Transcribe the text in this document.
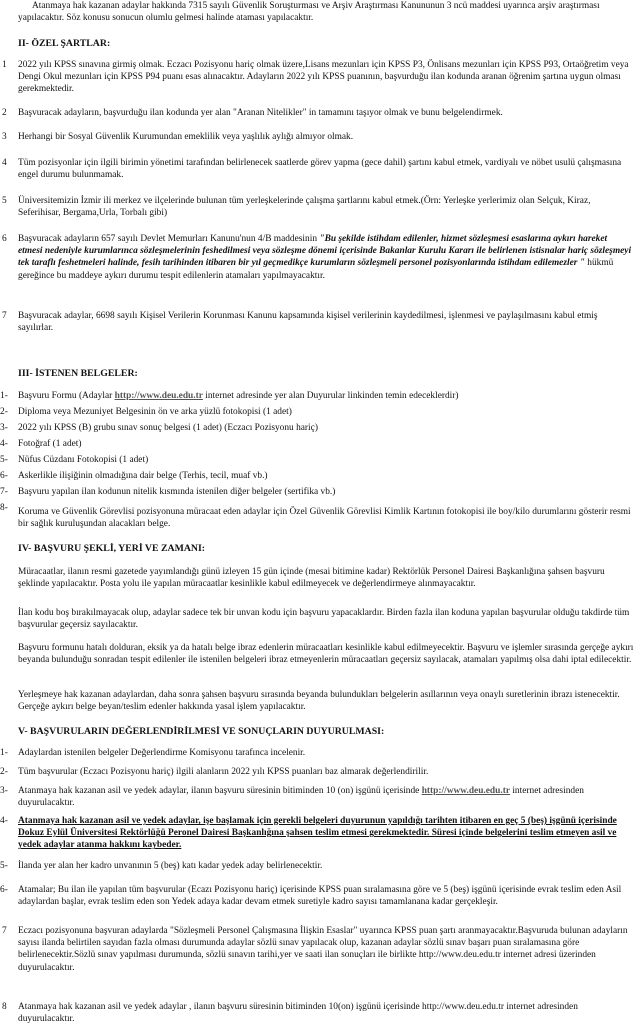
Atanmaya hak kazanan adaylar hakkında 7315 sayılı Güvenlik Soruşturması ve Arşiv Araştırması Kanununun 3 ncü maddesi uyarınca arşiv araştırması yapılacaktır. Söz konusu sonucun olumlu gelmesi halinde ataması yapılacaktır.

II- ÖZEL ŞARTLAR:
1 2022 yılı KPSS sınavına girmiş olmak. Eczacı Pozisyonu hariç olmak üzere,Lisans mezunları için KPSS P3, Önlisans mezunları için KPSS P93, Ortaöğretim veya Dengi Okul mezunları için KPSS P94 puanı esas alınacaktır. Adayların 2022 yılı KPSS puanının, başvurduğu ilan kodunda aranan öğrenim şartına uygun olması gerekmektedir.

2 Başvuracak adayların, başvurduğu ilan kodunda yer alan "Aranan Nitelikler" in tamamını taşıyor olmak ve bunu belgelendirmek.

3 Herhangi bir Sosyal Güvenlik Kurumundan emeklilik veya yaşlılık aylığı almıyor olmak.

4 Tüm pozisyonlar için ilgili birimin yönetimi tarafından belirlenecek saatlerde görev yapma (gece dahil) şartını kabul etmek, vardiyalı ve nöbet usulü çalışmasına engel durumu bulunmamak.

5 Üniversitemizin İzmir ili merkez ve ilçelerinde bulunan tüm yerleşkelerinde çalışma şartlarını kabul etmek.(Örn: Yerleşke yerlerimiz olan Selçuk, Kiraz, Seferihisar, Bergama,Urla, Torbalı gibi)

6 Başvuracak adayların 657 sayılı Devlet Memurları Kanunu'nun 4/B maddesinin "Bu şekilde istihdam edilenler, hizmet sözleşmesi esaslarına aykırı hareket etmesi nedeniyle kurumlarınca sözleşmelerinin feshedilmesi veya sözleşme dönemi içerisinde Bakanlar Kurulu Kararı ile belirlenen istisnalar hariç sözleşmeyi tek taraflı feshetmeleri halinde, fesih tarihinden itibaren bir yıl geçmedikçe kurumların sözleşmeli personel pozisyonlarında istihdam edilemezler " hükmü gereğince bu maddeye aykırı durumu tespit edilenlerin atamaları yapılmayacaktır.

7 Başvuracak adaylar, 6698 sayılı Kişisel Verilerin Korunması Kanunu kapsamında kişisel verilerinin kaydedilmesi, işlenmesi ve paylaşılmasını kabul etmiş sayılırlar.

III- İSTENEN BELGELER:
1- Başvuru Formu (Adaylar http://www.deu.edu.tr internet adresinde yer alan Duyurular linkinden temin edeceklerdir)

2- Diploma veya Mezuniyet Belgesinin ön ve arka yüzlü fotokopisi (1 adet)

3- 2022 yılı KPSS (B) grubu sınav sonuç belgesi (1 adet) (Eczacı Pozisyonu hariç)

4- Fotoğraf (1 adet)

5- Nüfus Cüzdanı Fotokopisi (1 adet)

6- Askerlikle ilişiğinin olmadığına dair belge (Terhis, tecil, muaf vb.)

7- Başvuru yapılan ilan kodunun nitelik kısmında istenilen diğer belgeler (sertifika vb.)

8- Koruma ve Güvenlik Görevlisi pozisyonuna müracaat eden adaylar için Özel Güvenlik Görevlisi Kimlik Kartının fotokopisi ile boy/kilo durumlarını gösterir resmi bir sağlık kuruluşundan alacakları belge.

IV- BAŞVURU ŞEKLİ, YERİ VE ZAMANI:

Müracaatlar, ilanın resmi gazetede yayımlandığı günü izleyen 15 gün içinde (mesai bitimine kadar) Rektörlük Personel Dairesi Başkanlığına şahsen başvuru şeklinde yapılacaktır. Posta yolu ile yapılan müracaatlar kesinlikle kabul edilmeyecek ve değerlendirmeye alınmayacaktır.

İlan kodu boş bırakılmayacak olup, adaylar sadece tek bir unvan kodu için başvuru yapacaklardır. Birden fazla ilan koduna yapılan başvurular olduğu takdirde tüm başvurular geçersiz sayılacaktır.

Başvuru formunu hatalı dolduran, eksik ya da hatalı belge ibraz edenlerin müracaatları kesinlikle kabul edilmeyecektir. Başvuru ve işlemler sırasında gerçeğe aykırı beyanda bulunduğu sonradan tespit edilenler ile istenilen belgeleri ibraz etmeyenlerin müracaatları geçersiz sayılacak, atamaları yapılmış olsa dahi iptal edilecektir.

Yerleşmeye hak kazanan adaylardan, daha sonra şahsen başvuru sırasında beyanda bulundukları belgelerin asıllarının veya onaylı suretlerinin ibrazı istenecektir. Gerçeğe aykırı belge beyan/teslim edenler hakkında yasal işlem yapılacaktır.

V- BAŞVURULARIN DEĞERLENDİRİLMESİ VE SONUÇLARIN DUYURULMASI:
1- Adaylardan istenilen belgeler Değerlendirme Komisyonu tarafınca incelenir.

2- Tüm başvurular (Eczacı Pozisyonu hariç) ilgili alanların 2022 yılı KPSS puanları baz almarak değerlendirilir.

3- Atanmaya hak kazanan asil ve yedek adaylar, ilanın başvuru süresinin bitiminden 10 (on) işgünü içerisinde http://www.deu.edu.tr internet adresinden duyurulacaktır.

4- Atanmaya hak kazanan asil ve yedek adaylar, işe başlamak için gerekli belgeleri duyurunun yapıldığı tarihten itibaren en geç 5 (beş) işgünü içerisinde Dokuz Eylül Üniversitesi Rektörlüğü Peronel Dairesi Başkanlığına şahsen teslim etmesi gerekmektedir. Süresi içinde belgelerini teslim etmeyen asil ve yedek adaylar atanma hakkını kaybeder.

5- İlanda yer alan her kadro unvanının 5 (beş) katı kadar yedek aday belirlenecektir.

6- Atamalar; Bu ilan ile yapılan tüm başvurular (Ecazı Pozisyonu hariç) içerisinde KPSS puan sıralamasına göre ve 5 (beş) işgünü içerisinde evrak teslim eden Asil adaylardan başlar, evrak teslim eden son Yedek adaya kadar devam etmek suretiyle kadro sayısı tamamlanana kadar gerçekleşir.

7 Eczacı pozisyonuna başvuran adaylarda "Sözleşmeli Personel Çalışmasına İlişkin Esaslar" uyarınca KPSS puan şartı aranmayacaktır.Başvuruda bulunan adayların sayısı ilanda belirtilen sayıdan fazla olması durumunda adaylar sözlü sınav yapılacak olup, kazanan adaylar sözlü sınav başarı puan sıralamasına göre belirlenecektir.Sözlü sınav yapılması durumunda, sözlü sınavın tarihi,yer ve saati ilan sonuçları ile birlikte http://www.deu.edu.tr internet adresi üzerinden duyurulacaktır.

8 Atanmaya hak kazanan asil ve yedek adaylar , ilanın başvuru süresinin bitiminden 10(on) işgünü içerisinde http://www.deu.edu.tr internet adresinden duyurulacaktır.
